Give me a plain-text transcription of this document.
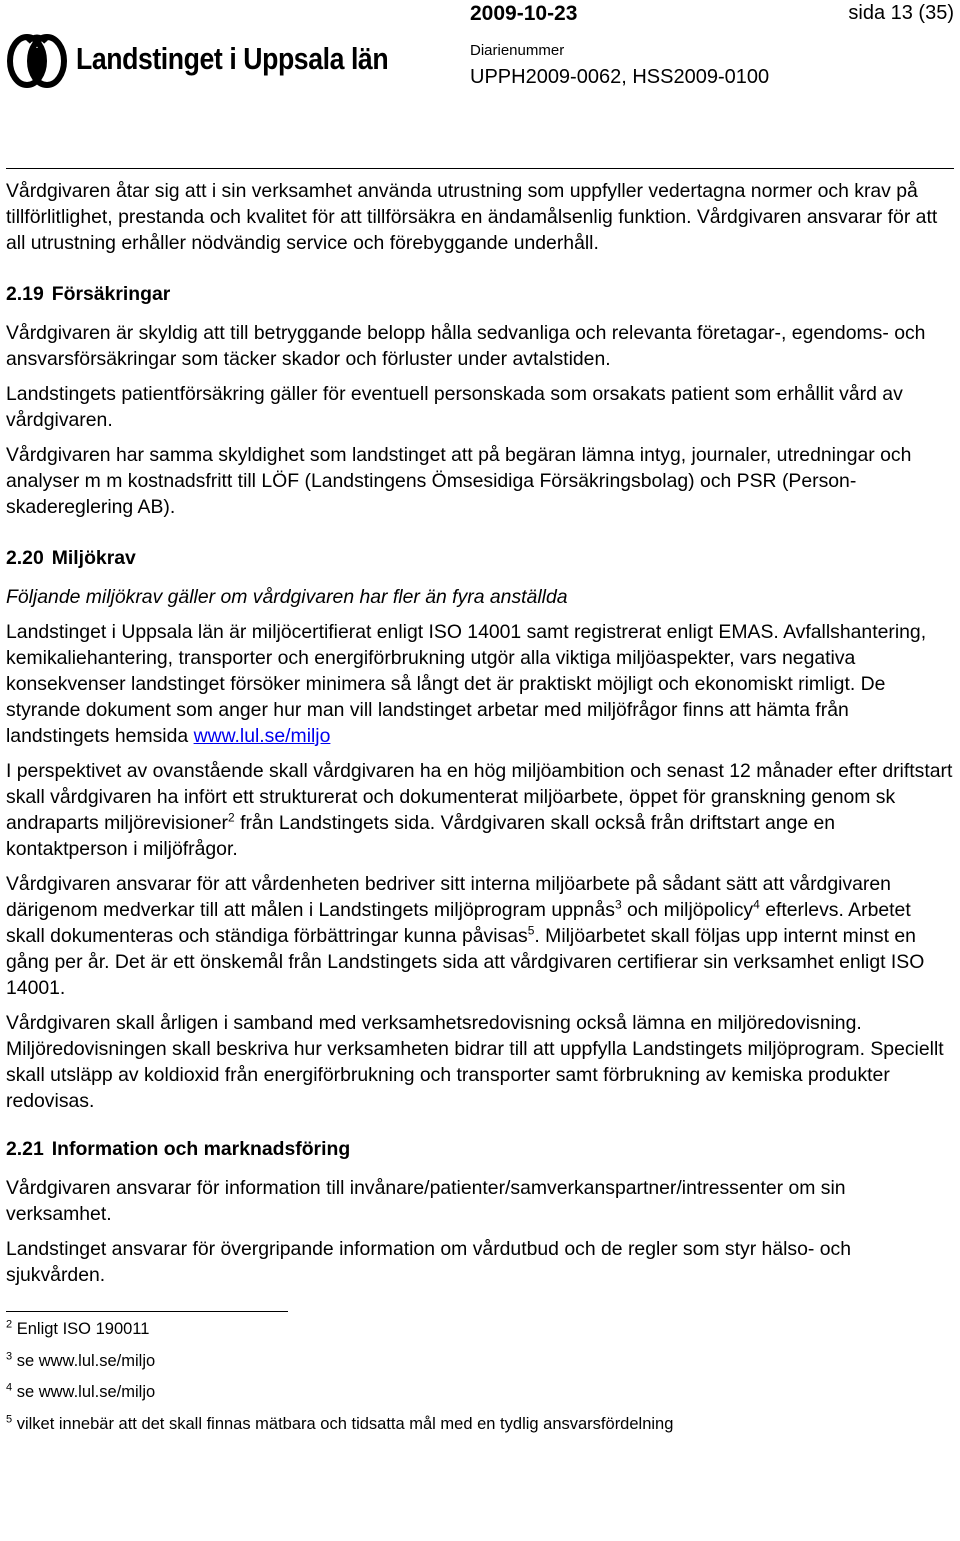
Landstinget i Uppsala län
2009-10-23	sida 13 (35)
Diarienummer
UPPH2009-0062, HSS2009-0100

Vårdgivaren åtar sig att i sin verksamhet använda utrustning som uppfyller vedertagna normer och krav på tillförlitlighet, prestanda och kvalitet för att tillförsäkra en ändamålsenlig funktion. Vårdgivaren ansvarar för att all utrustning erhåller nödvändig service och förebyggande underhåll.

2.19 Försäkringar

Vårdgivaren är skyldig att till betryggande belopp hålla sedvanliga och relevanta företagar-, egendoms- och ansvarsförsäkringar som täcker skador och förluster under avtalstiden.

Landstingets patientförsäkring gäller för eventuell personskada som orsakats patient som erhållit vård av vårdgivaren.

Vårdgivaren har samma skyldighet som landstinget att på begäran lämna intyg, journaler, utredningar och analyser m m kostnadsfritt till LÖF (Landstingens Ömsesidiga Försäkringsbolag) och PSR (Person-skadereglering AB).

2.20 Miljökrav

Följande miljökrav gäller om vårdgivaren har fler än fyra anställda

Landstinget i Uppsala län är miljöcertifierat enligt ISO 14001 samt registrerat enligt EMAS. Avfallshantering, kemikaliehantering, transporter och energiförbrukning utgör alla viktiga miljöaspekter, vars negativa konsekvenser landstinget försöker minimera så långt det är praktiskt möjligt och ekonomiskt rimligt. De styrande dokument som anger hur man vill landstinget arbetar med miljöfrågor finns att hämta från landstingets hemsida www.lul.se/miljo

I perspektivet av ovanstående skall vårdgivaren ha en hög miljöambition och senast 12 månader efter driftstart skall vårdgivaren ha infört ett strukturerat och dokumenterat miljöarbete, öppet för granskning genom sk andraparts miljörevisioner$^2$ från Landstingets sida. Vårdgivaren skall också från driftstart ange en kontaktperson i miljöfrågor.

Vårdgivaren ansvarar för att vårdenheten bedriver sitt interna miljöarbete på sådant sätt att vårdgivaren därigenom medverkar till att målen i Landstingets miljöprogram uppnås$^3$ och miljöpolicy$^4$ efterlevs. Arbetet skall dokumenteras och ständiga förbättringar kunna påvisas$^5$. Miljöarbetet skall följas upp internt minst en gång per år. Det är ett önskemål från Landstingets sida att vårdgivaren certifierar sin verksamhet enligt ISO 14001.

Vårdgivaren skall årligen i samband med verksamhetsredovisning också lämna en miljöredovisning. Miljöredovisningen skall beskriva hur verksamheten bidrar till att uppfylla Landstingets miljöprogram. Speciellt skall utsläpp av koldioxid från energiförbrukning och transporter samt förbrukning av kemiska produkter redovisas.

2.21 Information och marknadsföring

Vårdgivaren ansvarar för information till invånare/patienter/samverkanspartner/intressenter om sin verksamhet.

Landstinget ansvarar för övergripande information om vårdutbud och de regler som styr hälso- och sjukvården.

$^2$ Enligt ISO 190011

$^3$ se www.lul.se/miljo

$^4$ se www.lul.se/miljo

$^5$ vilket innebär att det skall finnas mätbara och tidsatta mål med en tydlig ansvarsfördelning
